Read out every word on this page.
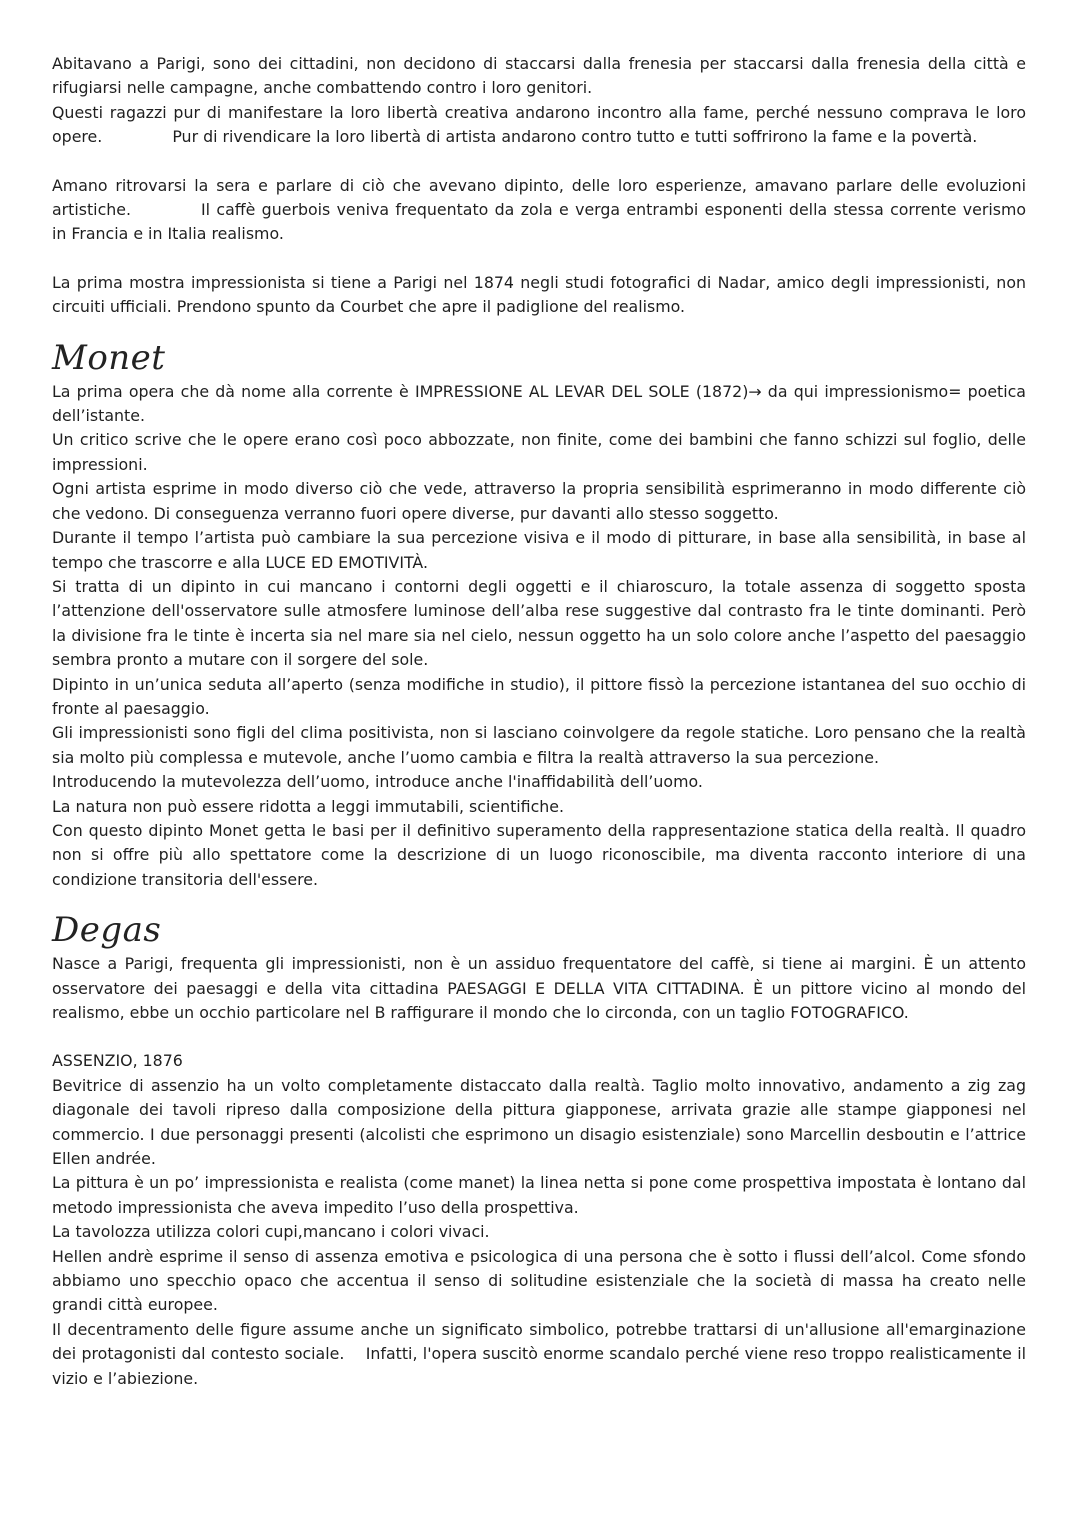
Abitavano a Parigi, sono dei cittadini, non decidono di staccarsi dalla frenesia per staccarsi dalla frenesia della città e rifugiarsi nelle campagne, anche combattendo contro i loro genitori.

Questi ragazzi pur di manifestare la loro libertà creativa andarono incontro alla fame, perché nessuno comprava le loro opere.	Pur di rivendicare la loro libertà di artista andarono contro tutto e tutti soffrirono la fame e la povertà.

Amano ritrovarsi la sera e parlare di ciò che avevano dipinto, delle loro esperienze, amavano parlare delle evoluzioni artistiche.	Il caffè guerbois veniva frequentato da zola e verga entrambi esponenti della stessa corrente verismo in Francia e in Italia realismo.

La prima mostra impressionista si tiene a Parigi nel 1874 negli studi fotografici di Nadar, amico degli impressionisti, non circuiti ufficiali. Prendono spunto da Courbet che apre il padiglione del realismo.

Monet

La prima opera che dà nome alla corrente è IMPRESSIONE AL LEVAR DEL SOLE (1872)→ da qui impressionismo= poetica dell’istante.

Un critico scrive che le opere erano così poco abbozzate, non finite, come dei bambini che fanno schizzi sul foglio, delle impressioni.

Ogni artista esprime in modo diverso ciò che vede, attraverso la propria sensibilità esprimeranno in modo differente ciò che vedono. Di conseguenza verranno fuori opere diverse, pur davanti allo stesso soggetto.

Durante il tempo l’artista può cambiare la sua percezione visiva e il modo di pitturare, in base alla sensibilità, in base al tempo che trascorre e alla LUCE ED EMOTIVITÀ.

Si tratta di un dipinto in cui mancano i contorni degli oggetti e il chiaroscuro, la totale assenza di soggetto sposta l’attenzione dell'osservatore sulle atmosfere luminose dell’alba rese suggestive dal contrasto fra le tinte dominanti. Però la divisione fra le tinte è incerta sia nel mare sia nel cielo, nessun oggetto ha un solo colore anche l’aspetto del paesaggio sembra pronto a mutare con il sorgere del sole.

Dipinto in un’unica seduta all’aperto (senza modifiche in studio), il pittore fissò la percezione istantanea del suo occhio di fronte al paesaggio.

Gli impressionisti sono figli del clima positivista, non si lasciano coinvolgere da regole statiche. Loro pensano che la realtà sia molto più complessa e mutevole, anche l’uomo cambia e filtra la realtà attraverso la sua percezione.

Introducendo la mutevolezza dell’uomo, introduce anche l'inaffidabilità dell’uomo.

La natura non può essere ridotta a leggi immutabili, scientifiche.

Con questo dipinto Monet getta le basi per il definitivo superamento della rappresentazione statica della realtà. Il quadro non si offre più allo spettatore come la descrizione di un luogo riconoscibile, ma diventa racconto interiore di una condizione transitoria dell'essere.

Degas

Nasce a Parigi, frequenta gli impressionisti, non è un assiduo frequentatore del caffè, si tiene ai margini. È un attento osservatore dei paesaggi e della vita cittadina PAESAGGI E DELLA VITA CITTADINA. È un pittore vicino al mondo del realismo, ebbe un occhio particolare nel B raffigurare il mondo che lo circonda, con un taglio FOTOGRAFICO.

ASSENZIO, 1876

Bevitrice di assenzio ha un volto completamente distaccato dalla realtà. Taglio molto innovativo, andamento a zig zag diagonale dei tavoli ripreso dalla composizione della pittura giapponese, arrivata grazie alle stampe giapponesi nel commercio. I due personaggi presenti (alcolisti che esprimono un disagio esistenziale) sono Marcellin desboutin e l’attrice Ellen andrée.

La pittura è un po’ impressionista e realista (come manet) la linea netta si pone come prospettiva impostata è lontano dal metodo impressionista che aveva impedito l’uso della prospettiva.

La tavolozza utilizza colori cupi,mancano i colori vivaci.

Hellen andrè esprime il senso di assenza emotiva e psicologica di una persona che è sotto i flussi dell’alcol. Come sfondo abbiamo uno specchio opaco che accentua il senso di solitudine esistenziale che la società di massa ha creato nelle grandi città europee.

Il decentramento delle figure assume anche un significato simbolico, potrebbe trattarsi di un'allusione all'emarginazione dei protagonisti dal contesto sociale. Infatti, l'opera suscitò enorme scandalo perché viene reso troppo realisticamente il vizio e l’abiezione.
